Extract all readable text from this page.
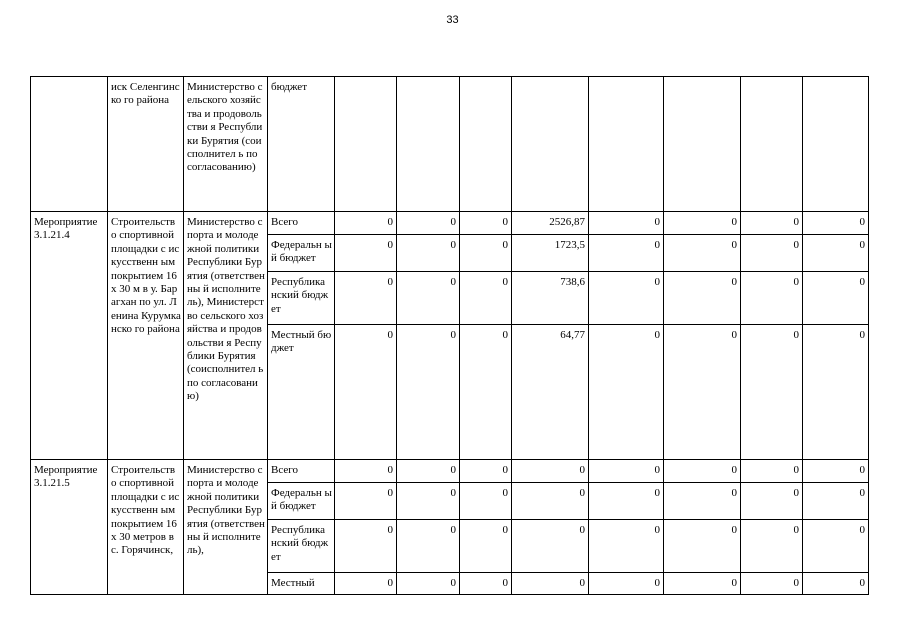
33
	иск Селенгинско го района	Министерство сельского хозяйства и продовольстви я Республики Бурятия (соисполнител ь по согласованию)	бюджет								
Мероприятие 3.1.21.4	Строительств о спортивной площадки с искусственн ым покрытием 16 х 30 м в у. Барагхан по ул. Ленина Курумканско го района	Министерство спорта и молодежной политики Республики Бурятия (ответственны й исполнитель), Министерство сельского хозяйства и продовольстви я Республики Бурятия (соисполнител ь по согласованию)	Всего	0	0	0	2526,87	0	0	0	0
			Федеральн ый бюджет	0	0	0	1723,5	0	0	0	0
			Республика нский бюджет	0	0	0	738,6	0	0	0	0
			Местный бюджет	0	0	0	64,77	0	0	0	0
Мероприятие 3.1.21.5	Строительств о спортивной площадки с искусственн ым покрытием 16 х 30 метров в с. Горячинск,	Министерство спорта и молодежной политики Республики Бурятия (ответственны й исполнитель),	Всего	0	0	0	0	0	0	0	0
			Федеральн ый бюджет	0	0	0	0	0	0	0	0
			Республика нский бюджет	0	0	0	0	0	0	0	0
			Местный	0	0	0	0	0	0	0	0
